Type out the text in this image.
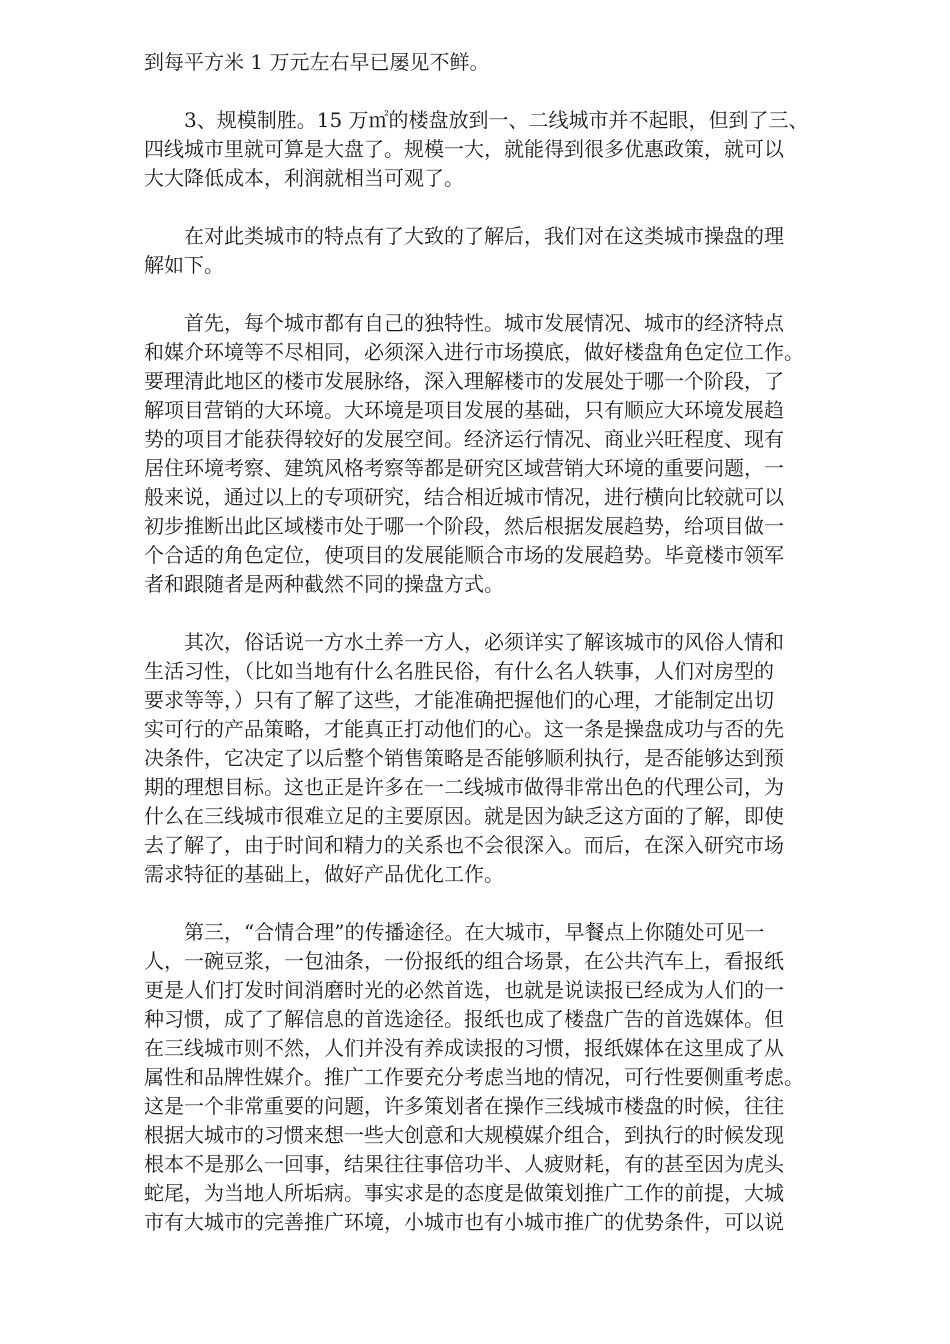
到每平方米 1 万元左右早已屡见不鲜。
　　3、规模制胜。15 万㎡的楼盘放到一、二线城市并不起眼，但到了三、
四线城市里就可算是大盘了。规模一大，就能得到很多优惠政策，就可以
大大降低成本，利润就相当可观了。
　　在对此类城市的特点有了大致的了解后，我们对在这类城市操盘的理
解如下。
　　首先，每个城市都有自己的独特性。城市发展情况、城市的经济特点
和媒介环境等不尽相同，必须深入进行市场摸底，做好楼盘角色定位工作。
要理清此地区的楼市发展脉络，深入理解楼市的发展处于哪一个阶段，了
解项目营销的大环境。大环境是项目发展的基础，只有顺应大环境发展趋
势的项目才能获得较好的发展空间。经济运行情况、商业兴旺程度、现有
居住环境考察、建筑风格考察等都是研究区域营销大环境的重要问题，一
般来说，通过以上的专项研究，结合相近城市情况，进行横向比较就可以
初步推断出此区域楼市处于哪一个阶段，然后根据发展趋势，给项目做一
个合适的角色定位，使项目的发展能顺合市场的发展趋势。毕竟楼市领军
者和跟随者是两种截然不同的操盘方式。
　　其次，俗话说一方水土养一方人，必须详实了解该城市的风俗人情和
生活习性，（比如当地有什么名胜民俗，有什么名人轶事，人们对房型的
要求等等，）只有了解了这些，才能准确把握他们的心理，才能制定出切
实可行的产品策略，才能真正打动他们的心。这一条是操盘成功与否的先
决条件，它决定了以后整个销售策略是否能够顺利执行，是否能够达到预
期的理想目标。这也正是许多在一二线城市做得非常出色的代理公司，为
什么在三线城市很难立足的主要原因。就是因为缺乏这方面的了解，即使
去了解了，由于时间和精力的关系也不会很深入。而后，在深入研究市场
需求特征的基础上，做好产品优化工作。
　　第三，“合情合理”的传播途径。在大城市，早餐点上你随处可见一
人，一碗豆浆，一包油条，一份报纸的组合场景，在公共汽车上，看报纸
更是人们打发时间消磨时光的必然首选，也就是说读报已经成为人们的一
种习惯，成了了解信息的首选途径。报纸也成了楼盘广告的首选媒体。但
在三线城市则不然，人们并没有养成读报的习惯，报纸媒体在这里成了从
属性和品牌性媒介。推广工作要充分考虑当地的情况，可行性要侧重考虑。
这是一个非常重要的问题，许多策划者在操作三线城市楼盘的时候，往往
根据大城市的习惯来想一些大创意和大规模媒介组合，到执行的时候发现
根本不是那么一回事，结果往往事倍功半、人疲财耗，有的甚至因为虎头
蛇尾，为当地人所垢病。事实求是的态度是做策划推广工作的前提，大城
市有大城市的完善推广环境，小城市也有小城市推广的优势条件，可以说
